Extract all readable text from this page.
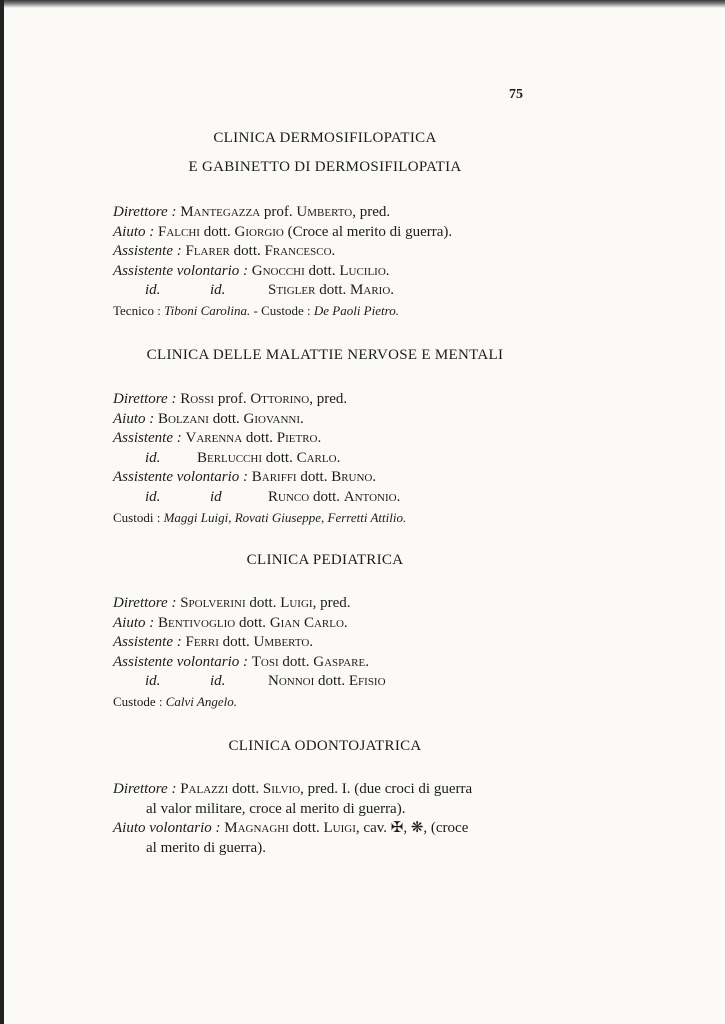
75
CLINICA DERMOSIFILOPATICA
E GABINETTO DI DERMOSIFILOPATIA
Direttore : Mantegazza prof. Umberto, pred.
Aiuto : Falchi dott. Giorgio (Croce al merito di guerra).
Assistente : Flarer dott. Francesco.
Assistente volontario : Gnocchi dott. Lucilio.
id.	id.	Stigler dott. Mario.
Tecnico : Tiboni Carolina. - Custode : De Paoli Pietro.
CLINICA DELLE MALATTIE NERVOSE E MENTALI
Direttore : Rossi prof. Ottorino, pred.
Aiuto : Bolzani dott. Giovanni.
Assistente : Varenna dott. Pietro.
id. Berlucchi dott. Carlo.
Assistente volontario : Bariffi dott. Bruno.
id.	id	Runco dott. Antonio.
Custodi : Maggi Luigi, Rovati Giuseppe, Ferretti Attilio.
CLINICA PEDIATRICA
Direttore : Spolverini dott. Luigi, pred.
Aiuto : Bentivoglio dott. Gian Carlo.
Assistente : Ferri dott. Umberto.
Assistente volontario : Tosi dott. Gaspare.
id.	id.	Nonnoi dott. Efisio
Custode : Calvi Angelo.
CLINICA ODONTOJATRICA
Direttore : Palazzi dott. Silvio, pred. I. (due croci di guerra
al valor militare, croce al merito di guerra).
Aiuto volontario : Magnaghi dott. Luigi, cav. ✠, ❋, (croce
al merito di guerra).
